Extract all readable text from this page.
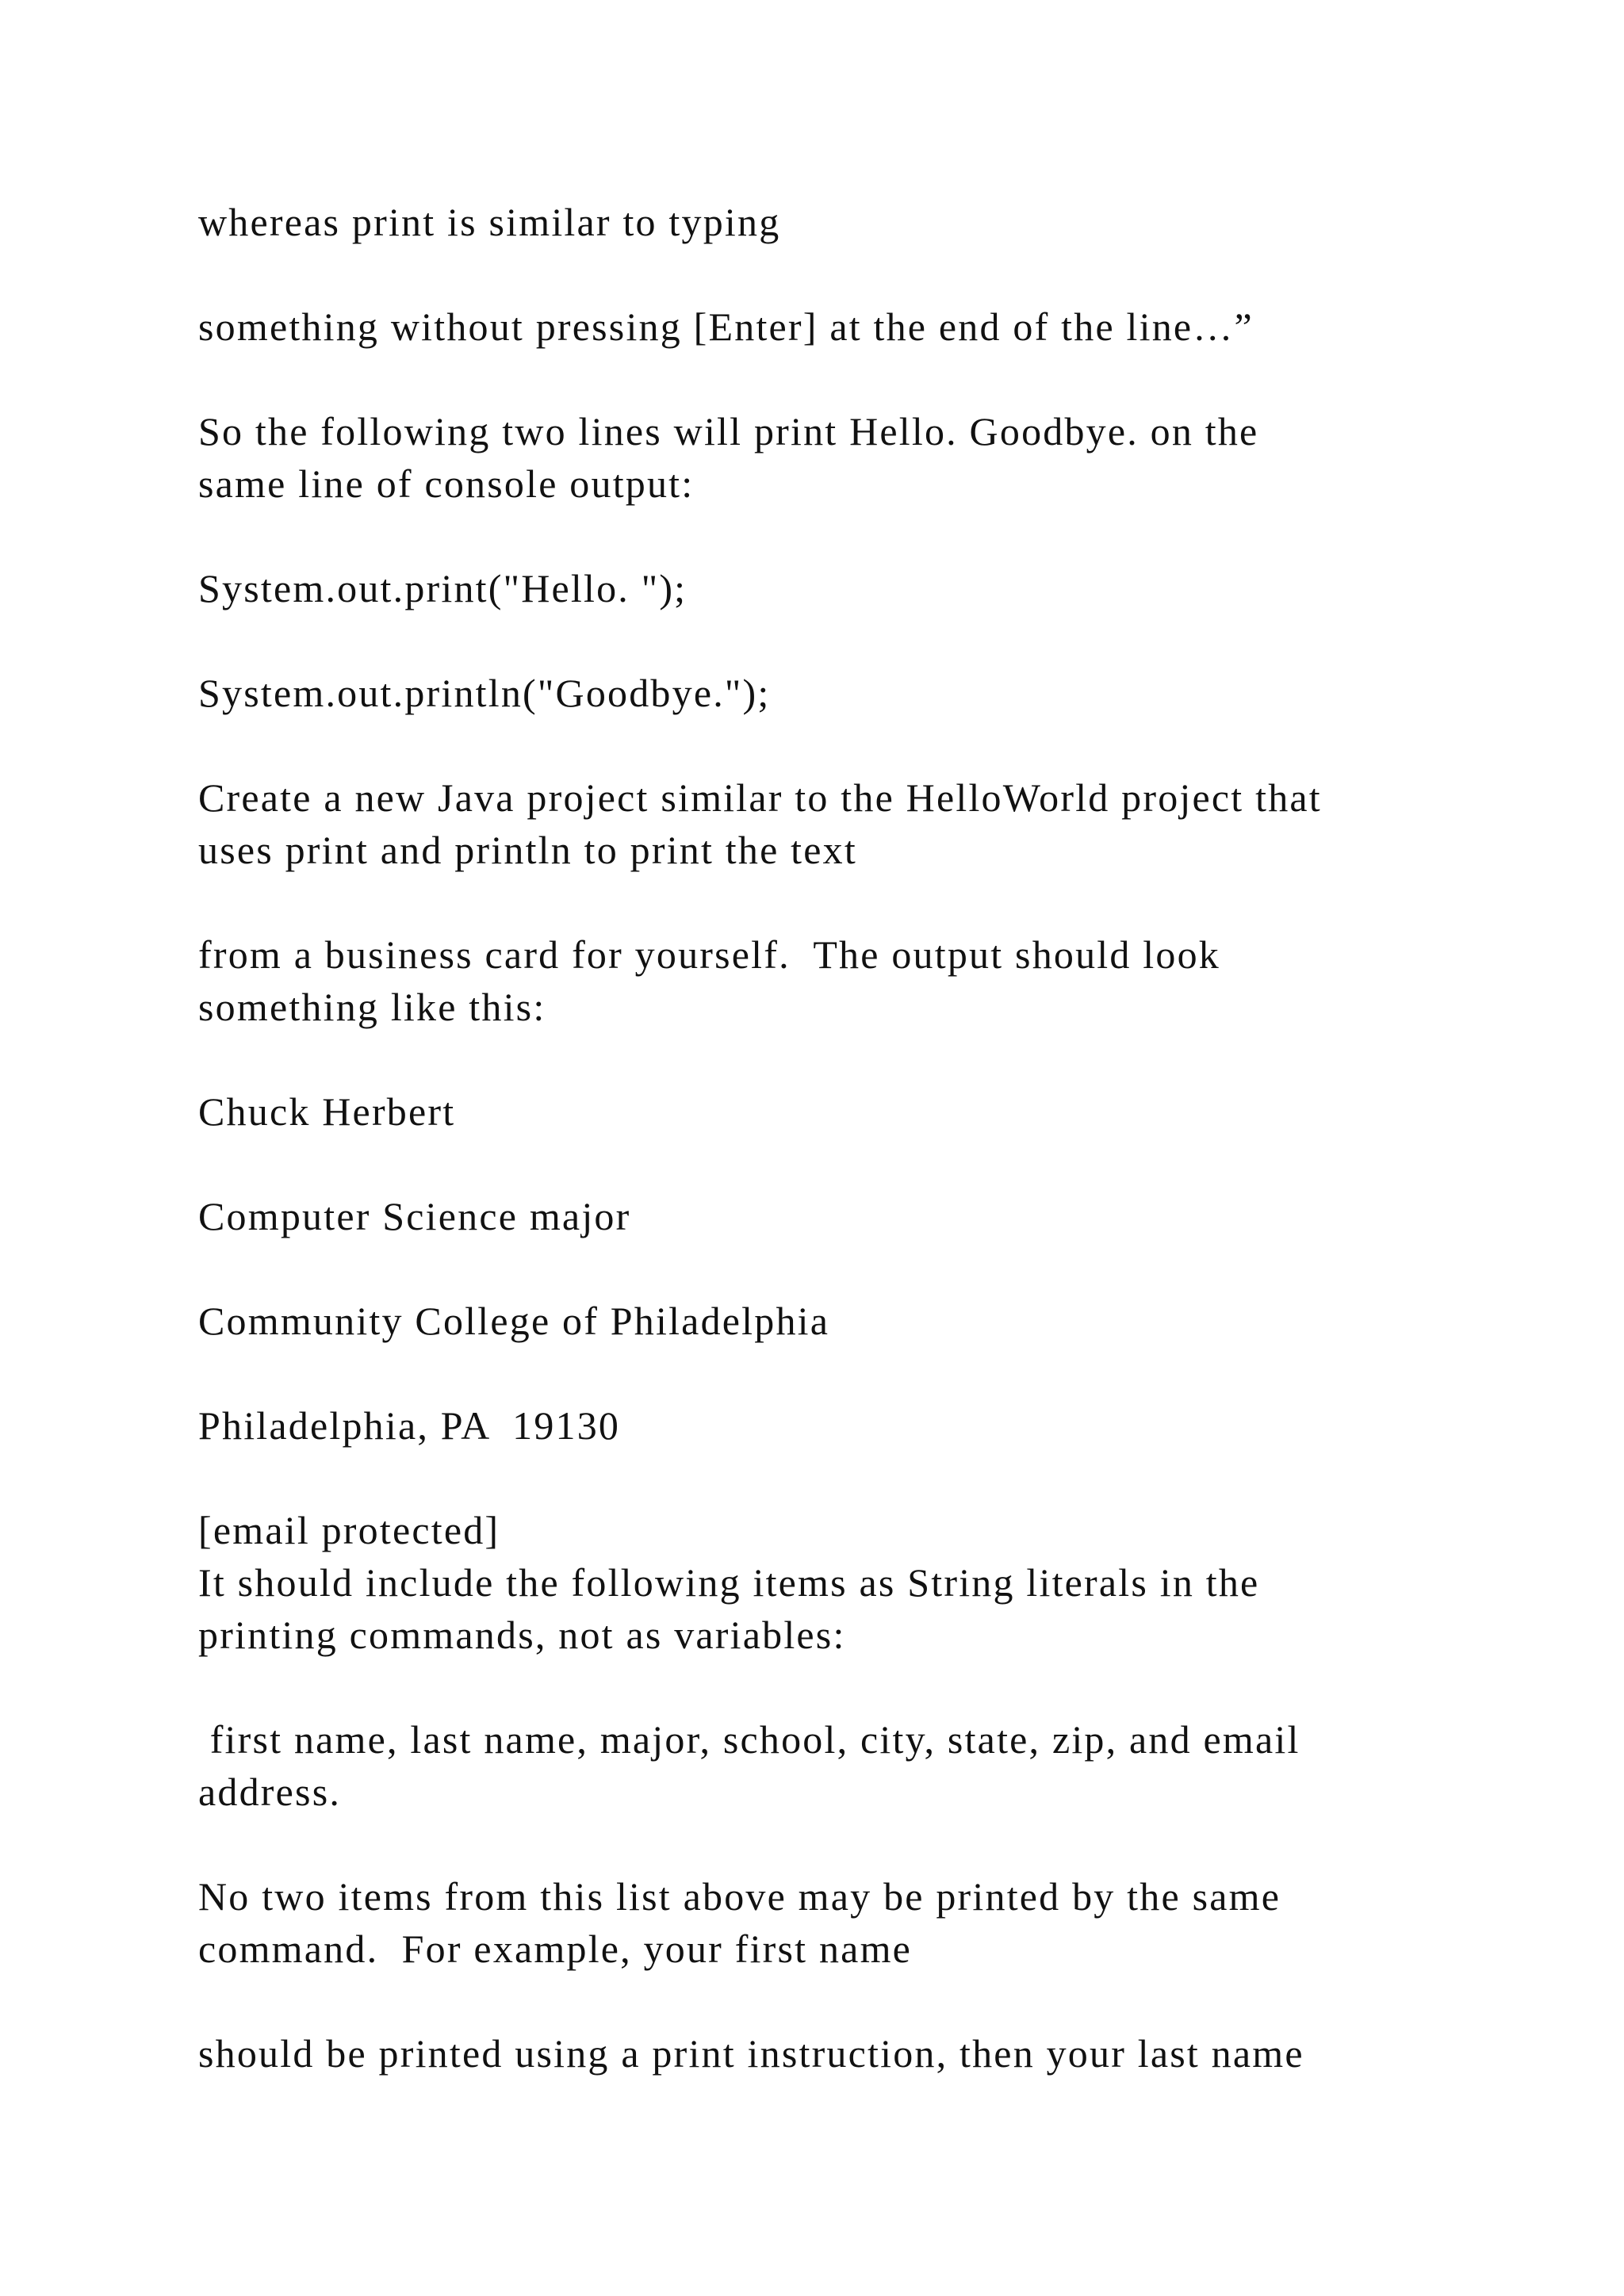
whereas print is similar to typing

something without pressing [Enter] at the end of the line…”

So the following two lines will print Hello. Goodbye. on the

same line of console output:

System.out.print("Hello. ");

System.out.println("Goodbye.");

Create a new Java project similar to the HelloWorld project that

uses print and println to print the text

from a business card for yourself.  The output should look

something like this:

Chuck Herbert

Computer Science major

Community College of Philadelphia

Philadelphia, PA  19130

[email protected]

It should include the following items as String literals in the

printing commands, not as variables:

first name, last name, major, school, city, state, zip, and email

address.

No two items from this list above may be printed by the same

command.  For example, your first name

should be printed using a print instruction, then your last name
